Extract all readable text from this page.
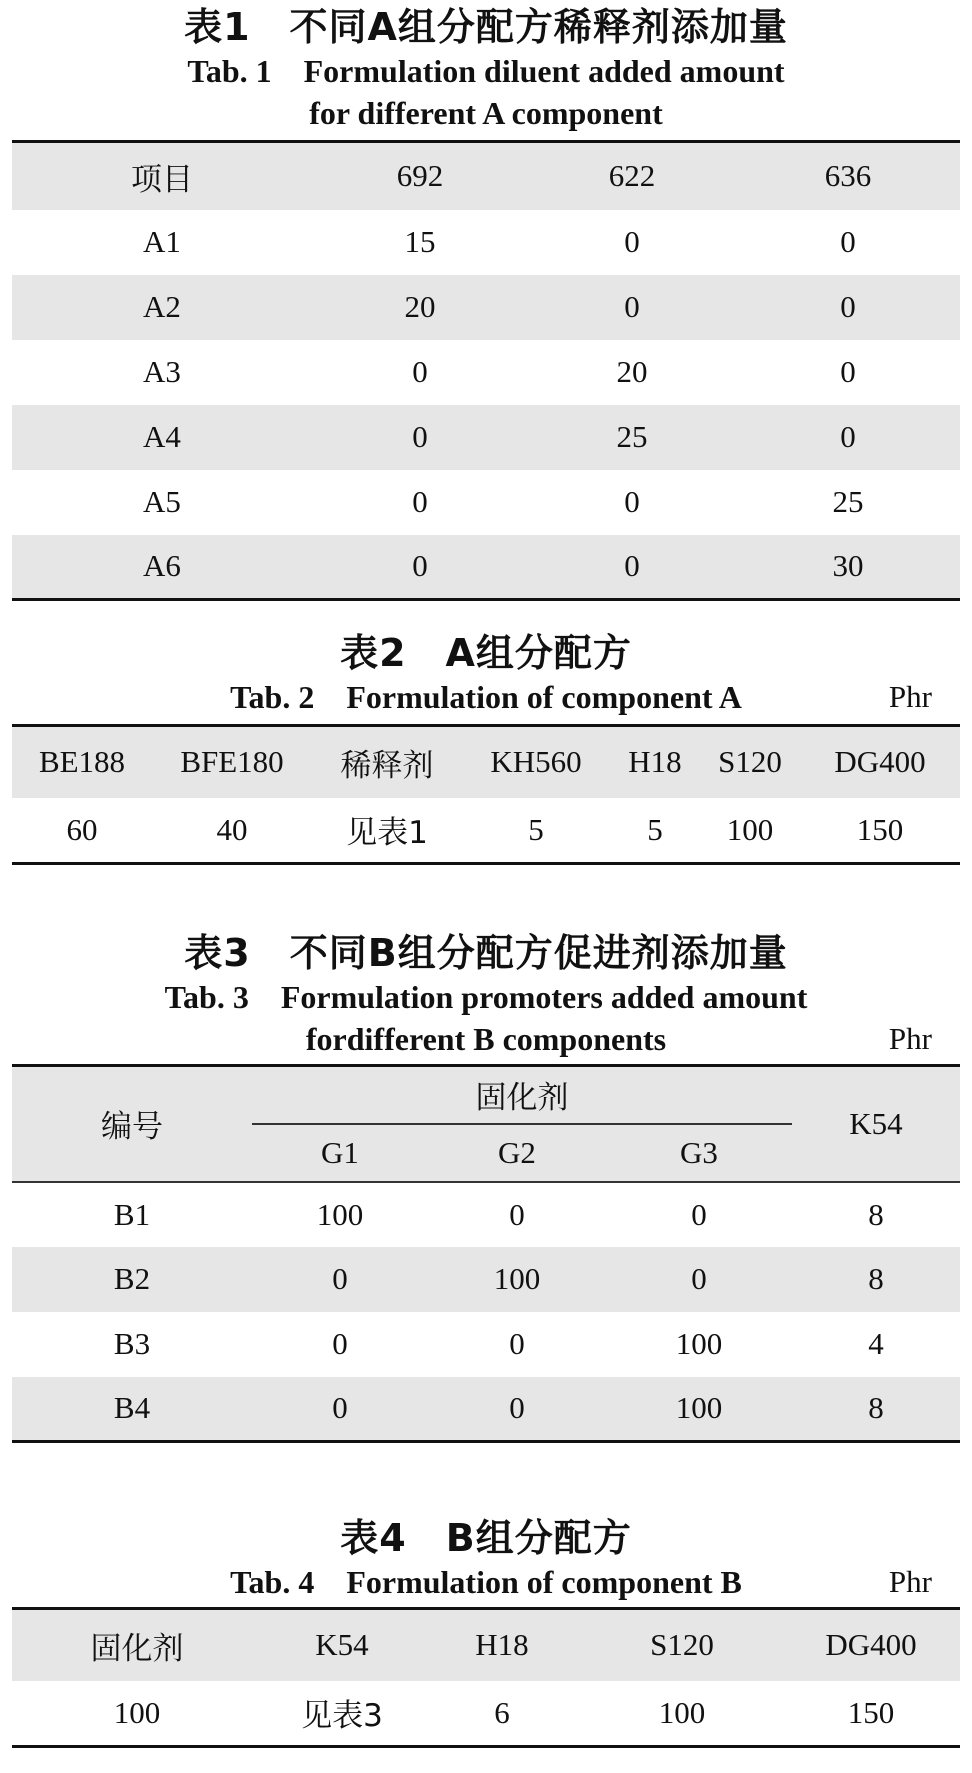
表1　不同A组分配方稀释剂添加量
Tab. 1　Formulation diluent added amount
for different A component
项目	692	622	636
A1	15	0	0
A2	20	0	0
A3	0	20	0
A4	0	25	0
A5	0	0	25
A6	0	0	30
表2　A组分配方
Tab. 2　Formulation of component A	Phr
BE188	BFE180	稀释剂	KH560	H18	S120	DG400
60	40	见表1	5	5	100	150
表3　不同B组分配方促进剂添加量
Tab. 3　Formulation promoters added amount
fordifferent B components	Phr
编号	固化剂			K54
	G1	G2	G3	
B1	100	0	0	8
B2	0	100	0	8
B3	0	0	100	4
B4	0	0	100	8
表4　B组分配方
Tab. 4　Formulation of component B	Phr
固化剂	K54	H18	S120	DG400
100	见表3	6	100	150
